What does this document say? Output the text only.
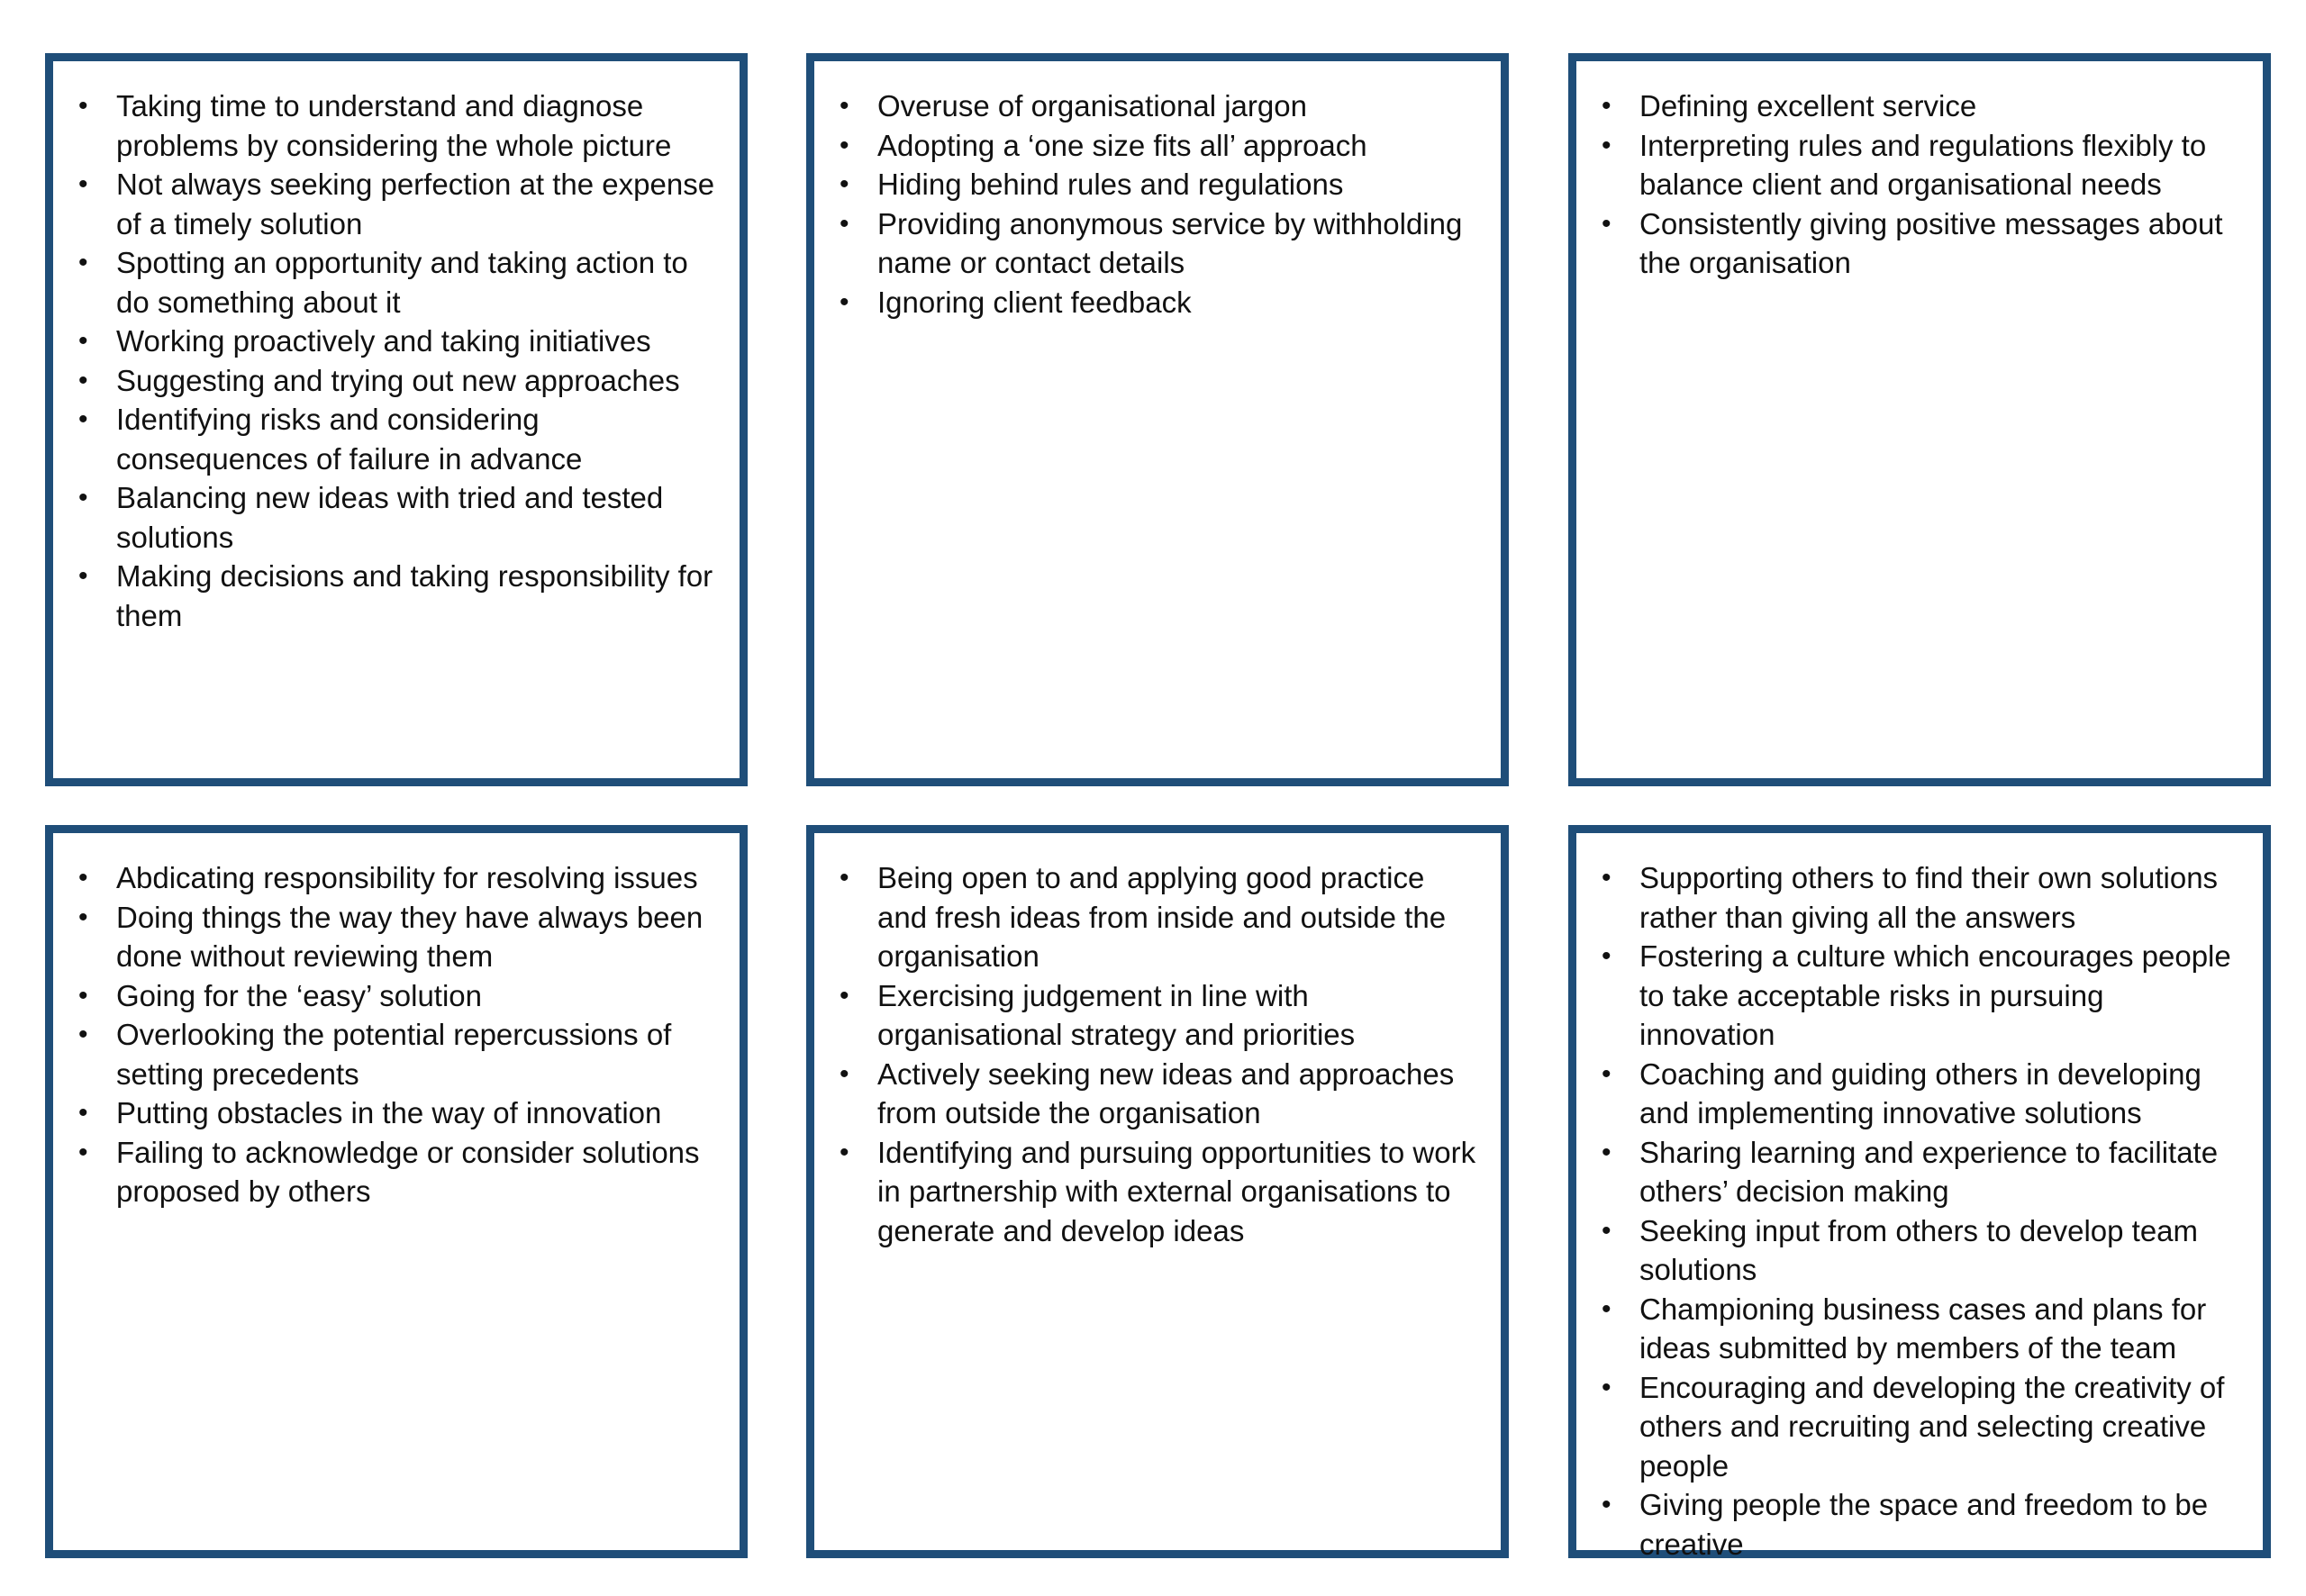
• Taking time to understand and diagnose problems by considering the whole picture
• Not always seeking perfection at the expense of a timely solution
• Spotting an opportunity and taking action to do something about it
• Working proactively and taking initiatives
• Suggesting and trying out new approaches
• Identifying risks and considering consequences of failure in advance
• Balancing new ideas with tried and tested solutions
• Making decisions and taking responsibility for them
• Overuse of organisational jargon
• Adopting a ‘one size fits all’ approach
• Hiding behind rules and regulations
• Providing anonymous service by withholding name or contact details
• Ignoring client feedback
• Defining excellent service
• Interpreting rules and regulations flexibly to balance client and organisational needs
• Consistently giving positive messages about the organisation
• Abdicating responsibility for resolving issues
• Doing things the way they have always been done without reviewing them
• Going for the ‘easy’ solution
• Overlooking the potential repercussions of setting precedents
• Putting obstacles in the way of innovation
• Failing to acknowledge or consider solutions proposed by others
• Being open to and applying good practice and fresh ideas from inside and outside the organisation
• Exercising judgement in line with organisational strategy and priorities
• Actively seeking new ideas and approaches from outside the organisation
• Identifying and pursuing opportunities to work in partnership with external organisations to generate and develop ideas
• Supporting others to find their own solutions rather than giving all the answers
• Fostering a culture which encourages people to take acceptable risks in pursuing innovation
• Coaching and guiding others in developing and implementing innovative solutions
• Sharing learning and experience to facilitate others’ decision making
• Seeking input from others to develop team solutions
• Championing business cases and plans for ideas submitted by members of the team
• Encouraging and developing the creativity of others and recruiting and selecting creative people
• Giving people the space and freedom to be creative
